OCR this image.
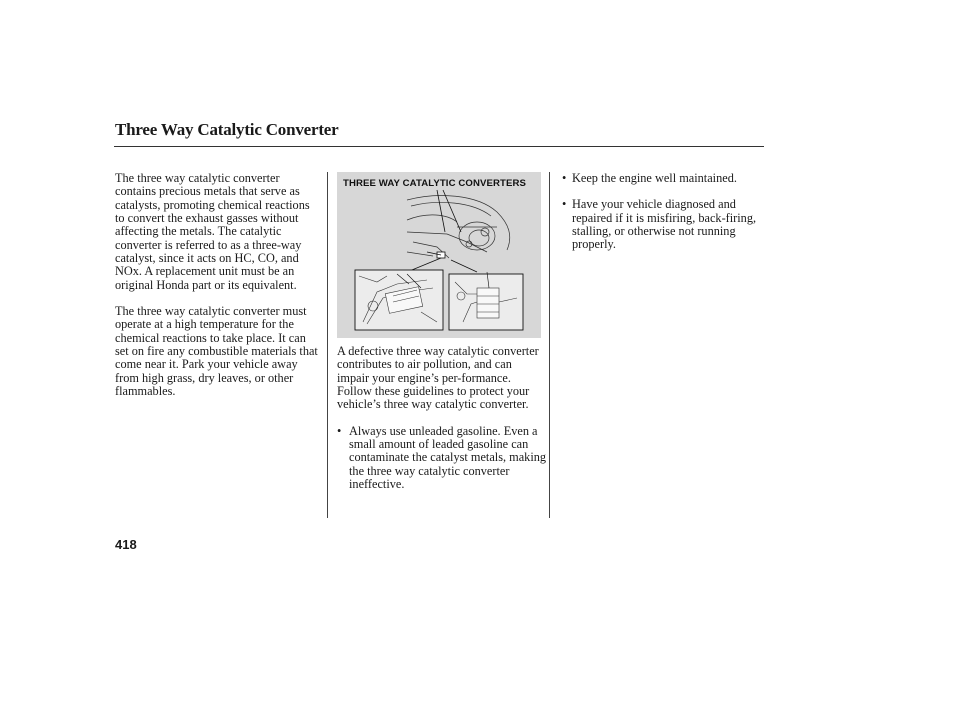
Three Way Catalytic Converter

The three way catalytic converter contains precious metals that serve as catalysts, promoting chemical reactions to convert the exhaust gasses without affecting the metals. The catalytic converter is referred to as a three-way catalyst, since it acts on HC, CO, and NOx. A replacement unit must be an original Honda part or its equivalent.

The three way catalytic converter must operate at a high temperature for the chemical reactions to take place. It can set on fire any combustible materials that come near it. Park your vehicle away from high grass, dry leaves, or other flammables.

THREE WAY CATALYTIC CONVERTERS

A defective three way catalytic converter contributes to air pollution, and can impair your engine’s per-formance. Follow these guidelines to protect your vehicle’s three way catalytic converter.

• Always use unleaded gasoline. Even a small amount of leaded gasoline can contaminate the catalyst metals, making the three way catalytic converter ineffective.
• Keep the engine well maintained.
• Have your vehicle diagnosed and repaired if it is misfiring, back-firing, stalling, or otherwise not running properly.
418
